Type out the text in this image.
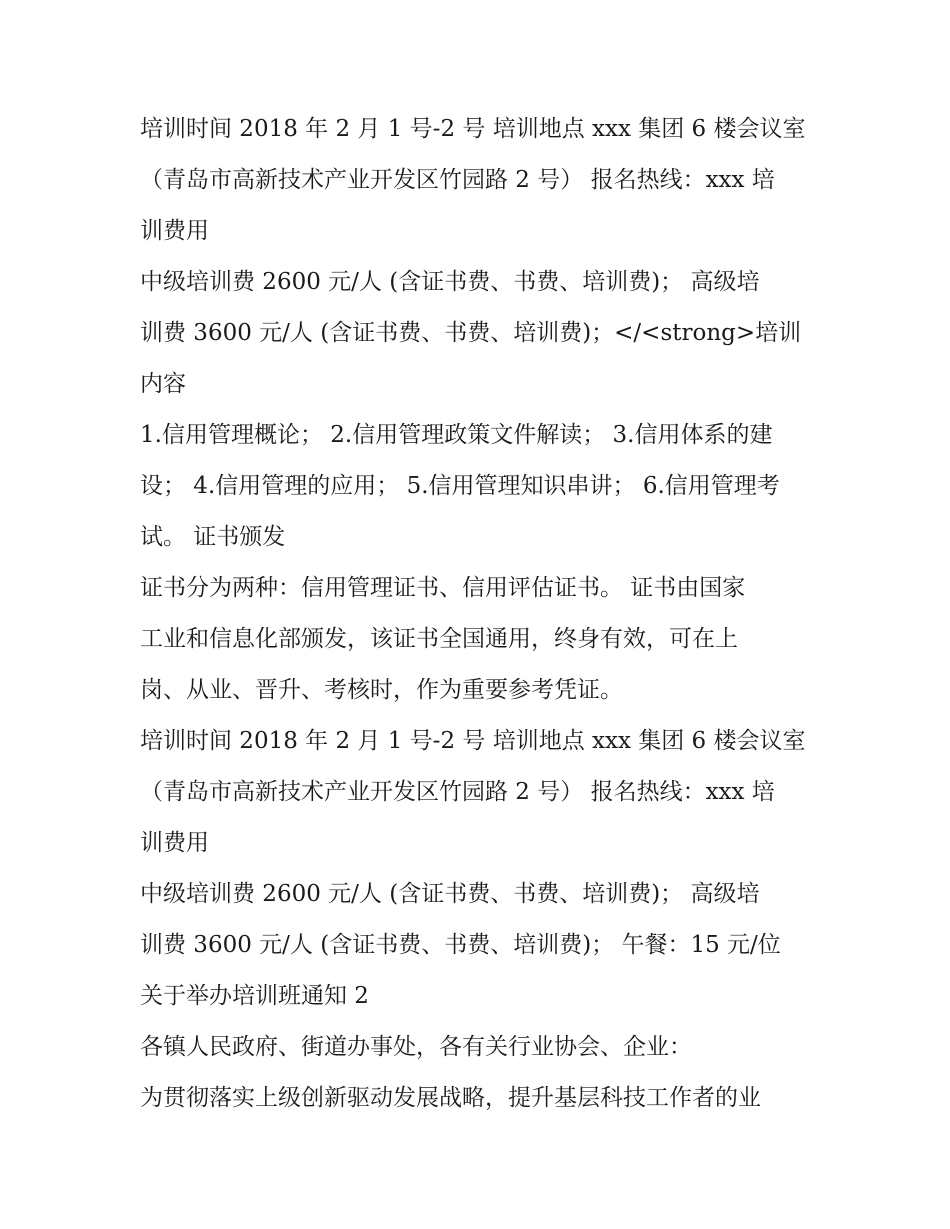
培训时间 2018 年 2 月 1 号-2 号 培训地点 xxx 集团 6 楼会议室
（青岛市高新技术产业开发区竹园路 2 号） 报名热线：xxx 培
训费用
中级培训费 2600 元/人 (含证书费、书费、培训费)； 高级培
训费 3600 元/人 (含证书费、书费、培训费)；</<strong>培训
内容
1.信用管理概论； 2.信用管理政策文件解读； 3.信用体系的建
设； 4.信用管理的应用； 5.信用管理知识串讲； 6.信用管理考
试。 证书颁发
证书分为两种：信用管理证书、信用评估证书。 证书由国家
工业和信息化部颁发，该证书全国通用，终身有效，可在上
岗、从业、晋升、考核时，作为重要参考凭证。
培训时间 2018 年 2 月 1 号-2 号 培训地点 xxx 集团 6 楼会议室
（青岛市高新技术产业开发区竹园路 2 号） 报名热线：xxx 培
训费用
中级培训费 2600 元/人 (含证书费、书费、培训费)； 高级培
训费 3600 元/人 (含证书费、书费、培训费)； 午餐：15 元/位
关于举办培训班通知 2
各镇人民政府、街道办事处，各有关行业协会、企业：
为贯彻落实上级创新驱动发展战略，提升基层科技工作者的业
